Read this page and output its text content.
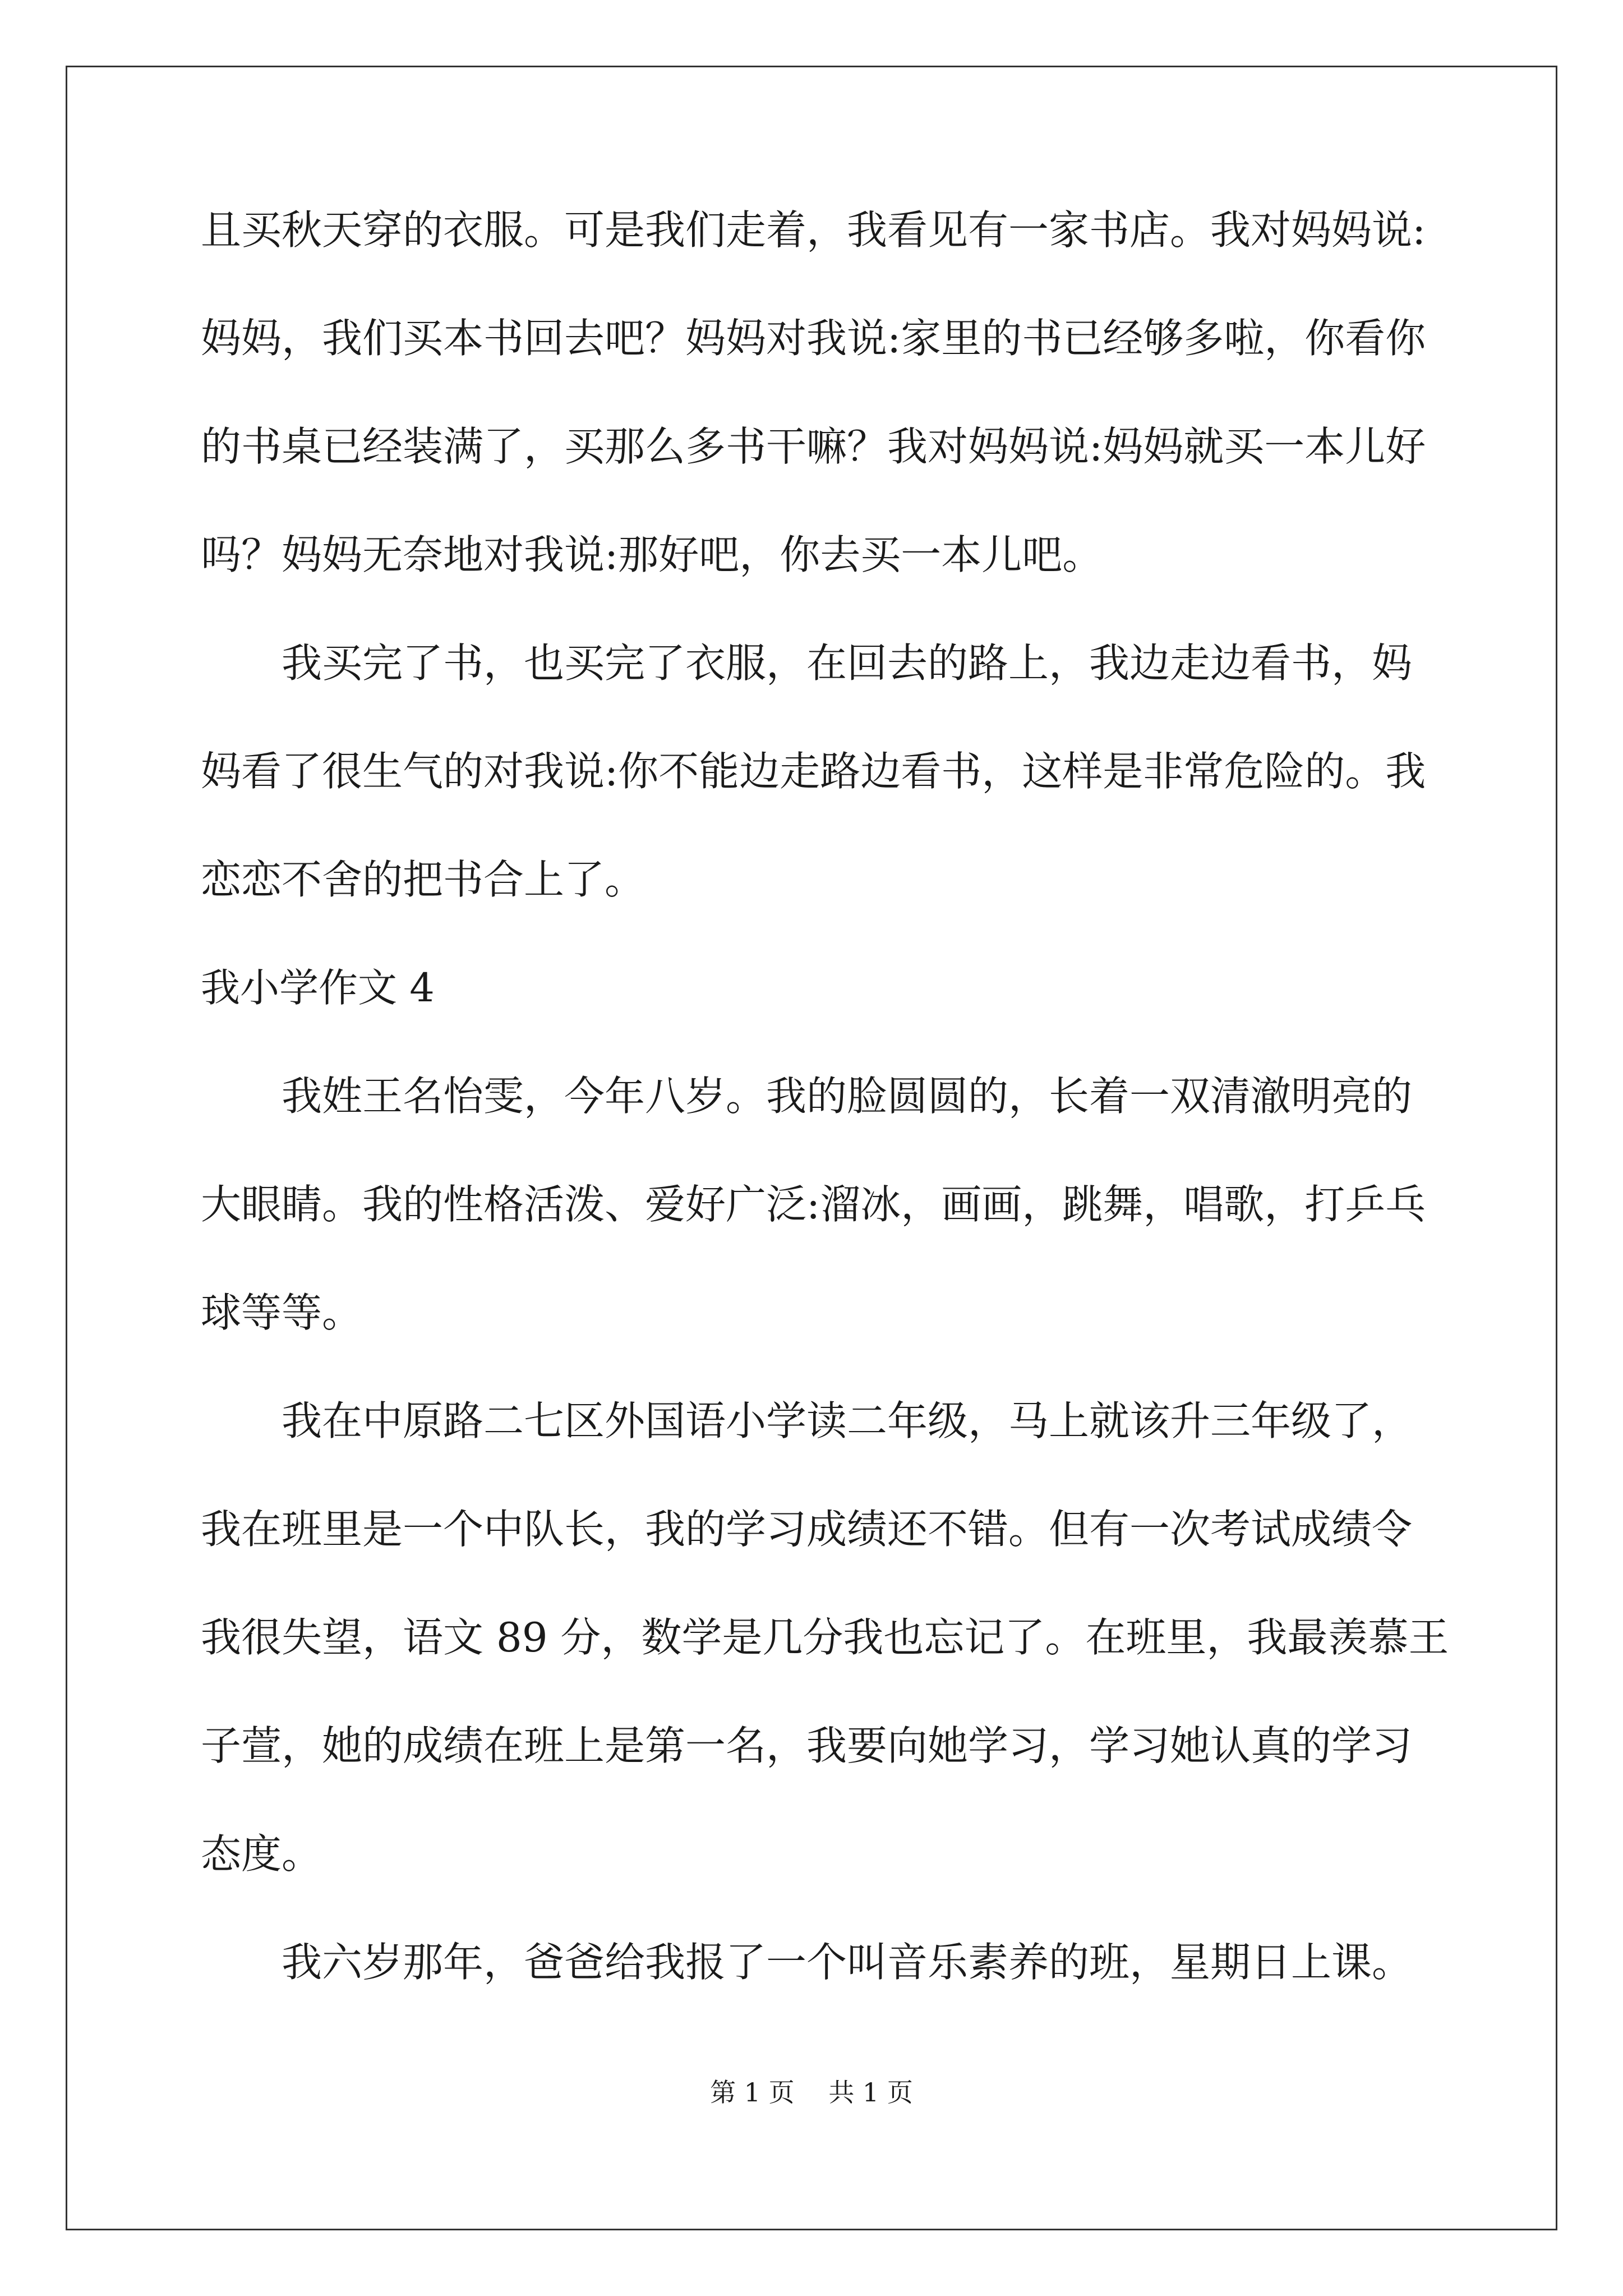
且买秋天穿的衣服。可是我们走着，我看见有一家书店。我对妈妈说:
妈妈，我们买本书回去吧？妈妈对我说:家里的书已经够多啦，你看你
的书桌已经装满了，买那么多书干嘛？我对妈妈说:妈妈就买一本儿好
吗？妈妈无奈地对我说:那好吧，你去买一本儿吧。
我买完了书，也买完了衣服，在回去的路上，我边走边看书，妈
妈看了很生气的对我说:你不能边走路边看书，这样是非常危险的。我
恋恋不舍的把书合上了。
我小学作文 4
我姓王名怡雯，今年八岁。我的脸圆圆的，长着一双清澈明亮的
大眼睛。我的性格活泼、爱好广泛:溜冰，画画，跳舞，唱歌，打乒乓
球等等。
我在中原路二七区外国语小学读二年级，马上就该升三年级了，
我在班里是一个中队长，我的学习成绩还不错。但有一次考试成绩令
我很失望，语文 89 分，数学是几分我也忘记了。在班里，我最羡慕王
子萱，她的成绩在班上是第一名，我要向她学习，学习她认真的学习
态度。
我六岁那年，爸爸给我报了一个叫音乐素养的班，星期日上课。
第 1 页 共 1 页
